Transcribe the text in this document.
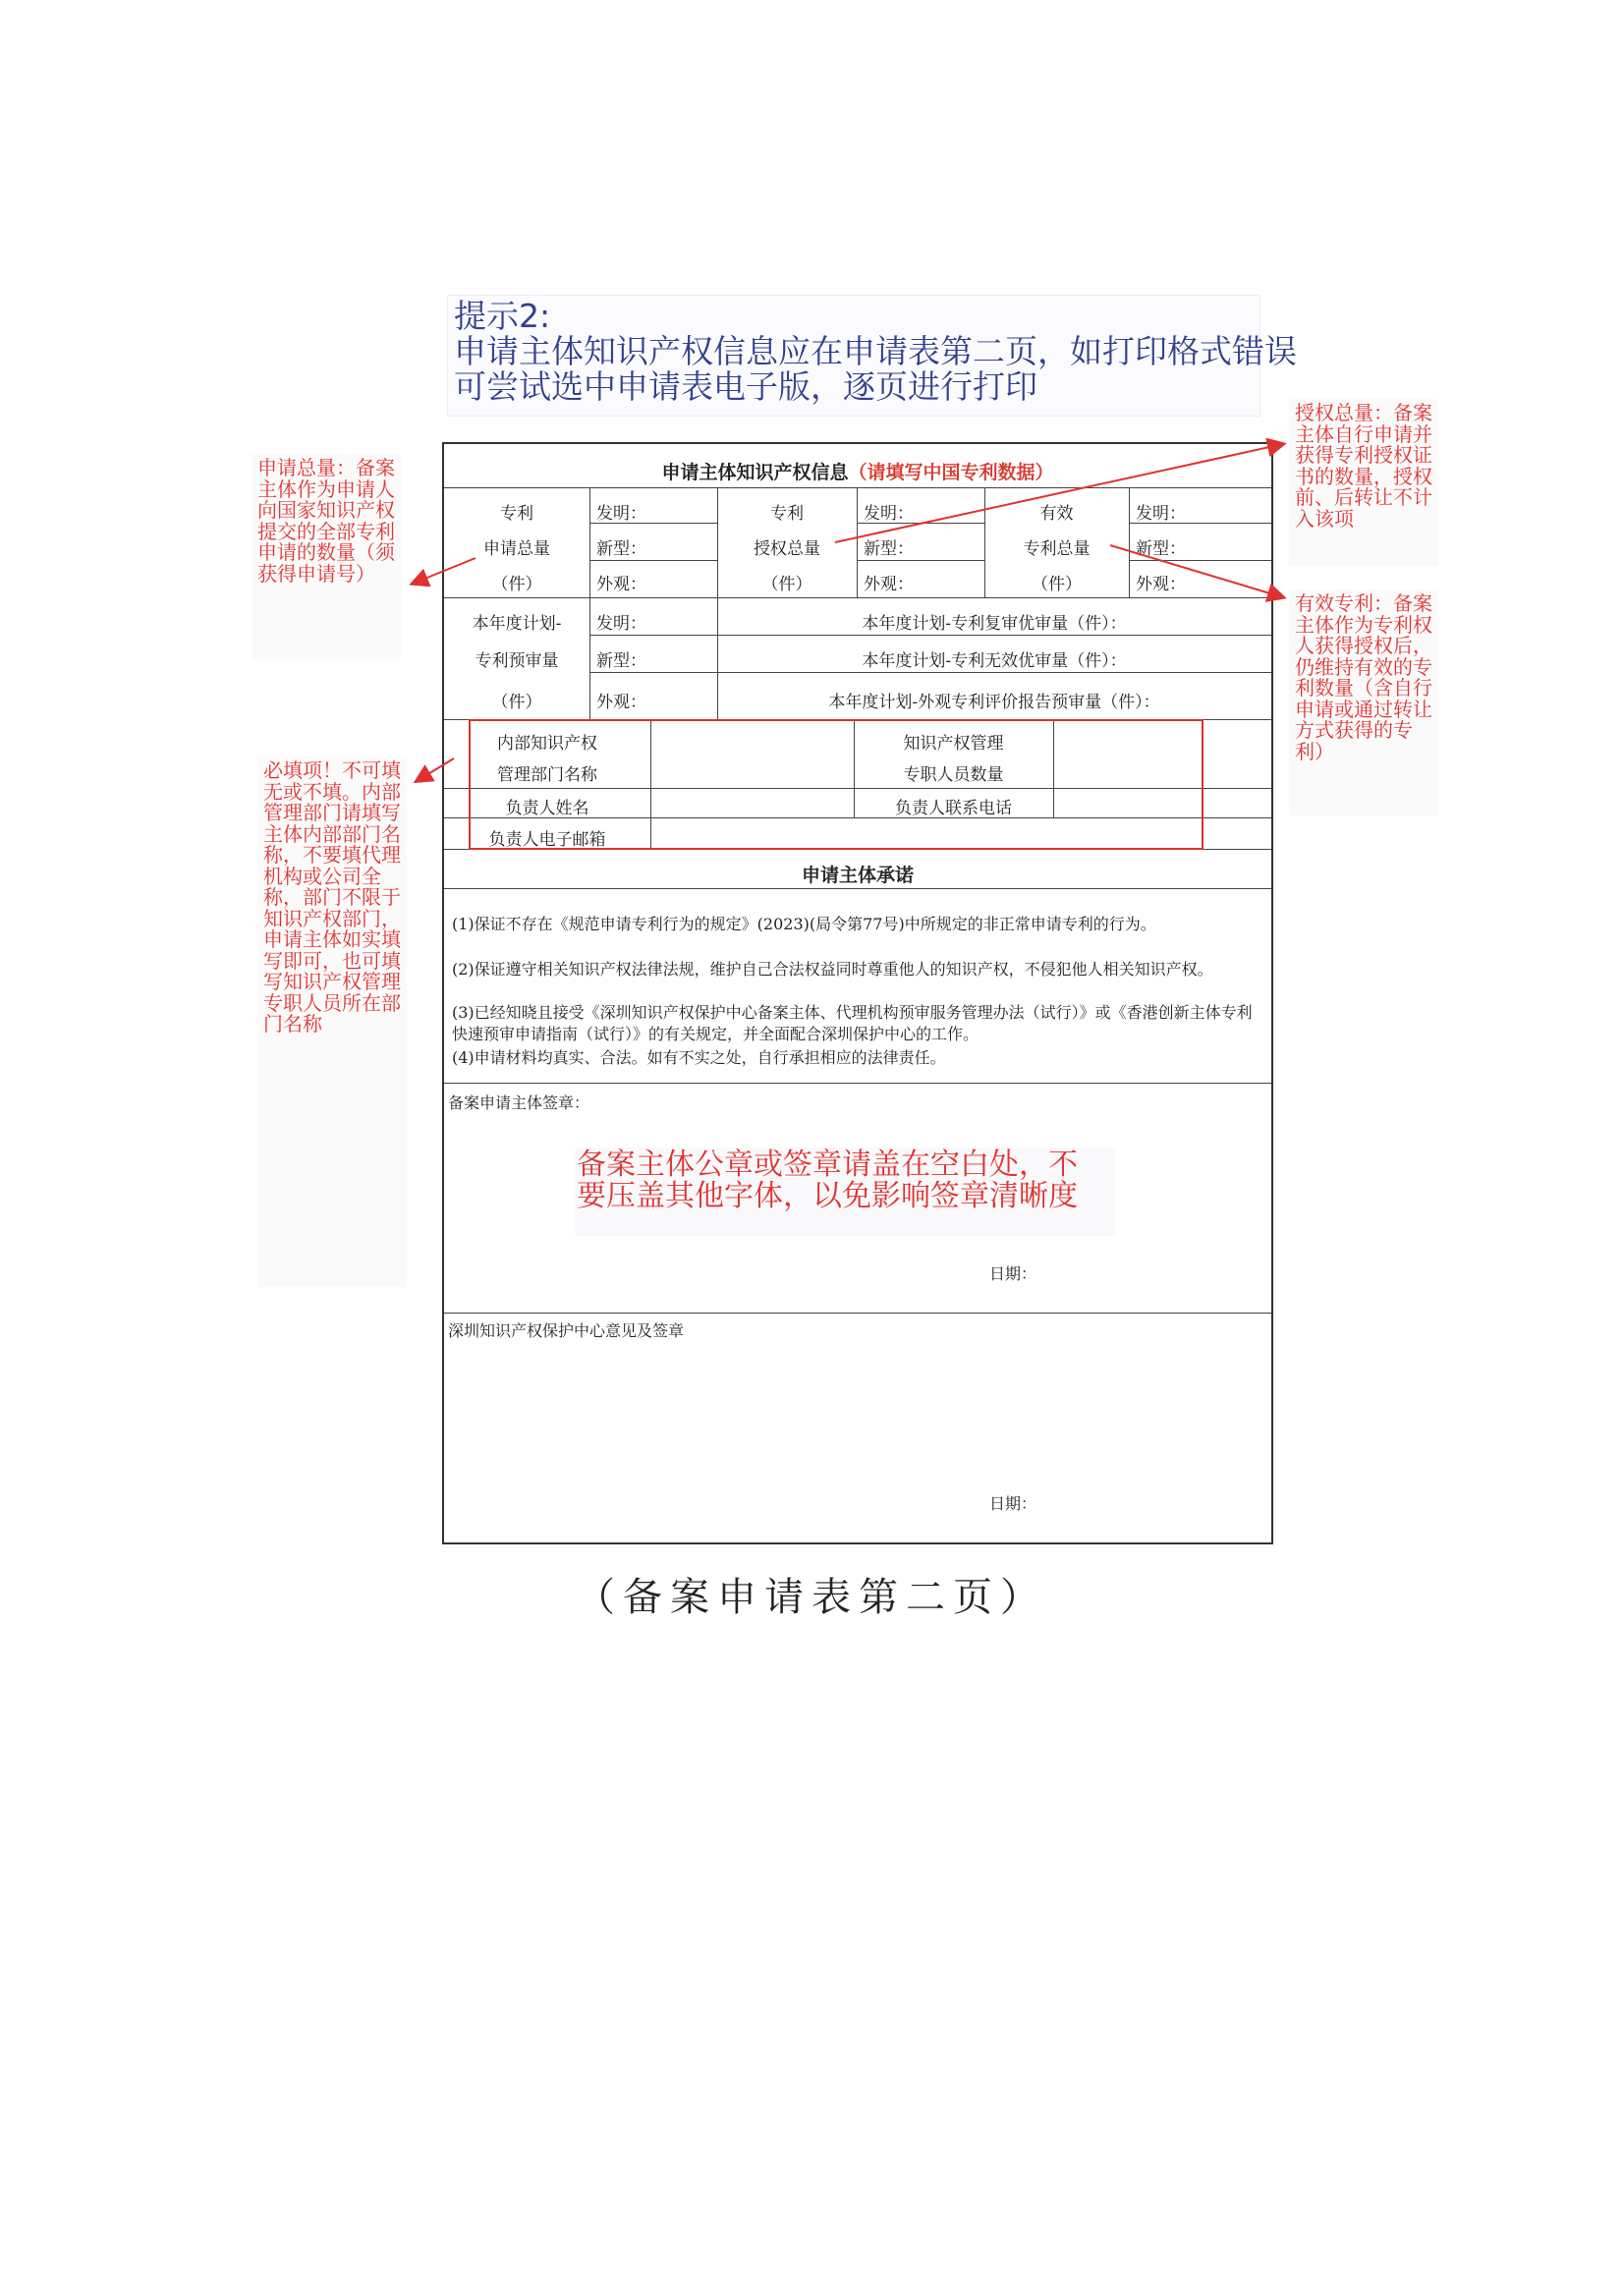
提示2:
申请主体知识产权信息应在申请表第二页，如打印格式错误
可尝试选中申请表电子版，逐页进行打印
申请总量：备案主体作为申请人向国家知识产权提交的全部专利申请的数量（须获得申请号）
必填项！不可填无或不填。内部管理部门请填写主体内部部门名称，不要填代理机构或公司全称，部门不限于知识产权部门，申请主体如实填写即可，也可填写知识产权管理专职人员所在部门名称
授权总量：备案主体自行申请并获得专利授权证书的数量，授权前、后转让不计入该项
有效专利：备案主体作为专利权人获得授权后，仍维持有效的专利数量（含自行申请或通过转让方式获得的专利）
申请主体知识产权信息（请填写中国专利数据）
专利
申请总量
（件）
发明：
新型：
外观：
专利
授权总量
（件）
发明：
新型：
外观：
有效
专利总量
（件）
发明：
新型：
外观：
本年度计划-
专利预审量
（件）
发明：
新型：
外观：
本年度计划-专利复审优审量（件）：
本年度计划-专利无效优审量（件）：
本年度计划-外观专利评价报告预审量（件）：
内部知识产权
管理部门名称
知识产权管理
专职人员数量
负责人姓名	负责人联系电话
负责人电子邮箱
申请主体承诺
(1)保证不存在《规范申请专利行为的规定》(2023)(局令第77号)中所规定的非正常申请专利的行为。
(2)保证遵守相关知识产权法律法规，维护自己合法权益同时尊重他人的知识产权，不侵犯他人相关知识产权。
(3)已经知晓且接受《深圳知识产权保护中心备案主体、代理机构预审服务管理办法（试行）》或《香港创新主体专利快速预审申请指南（试行）》的有关规定，并全面配合深圳保护中心的工作。
(4)申请材料均真实、合法。如有不实之处，自行承担相应的法律责任。
备案申请主体签章：
日期：
深圳知识产权保护中心意见及签章
日期：
备案主体公章或签章请盖在空白处，不
要压盖其他字体，以免影响签章清晰度
（备案申请表第二页）
